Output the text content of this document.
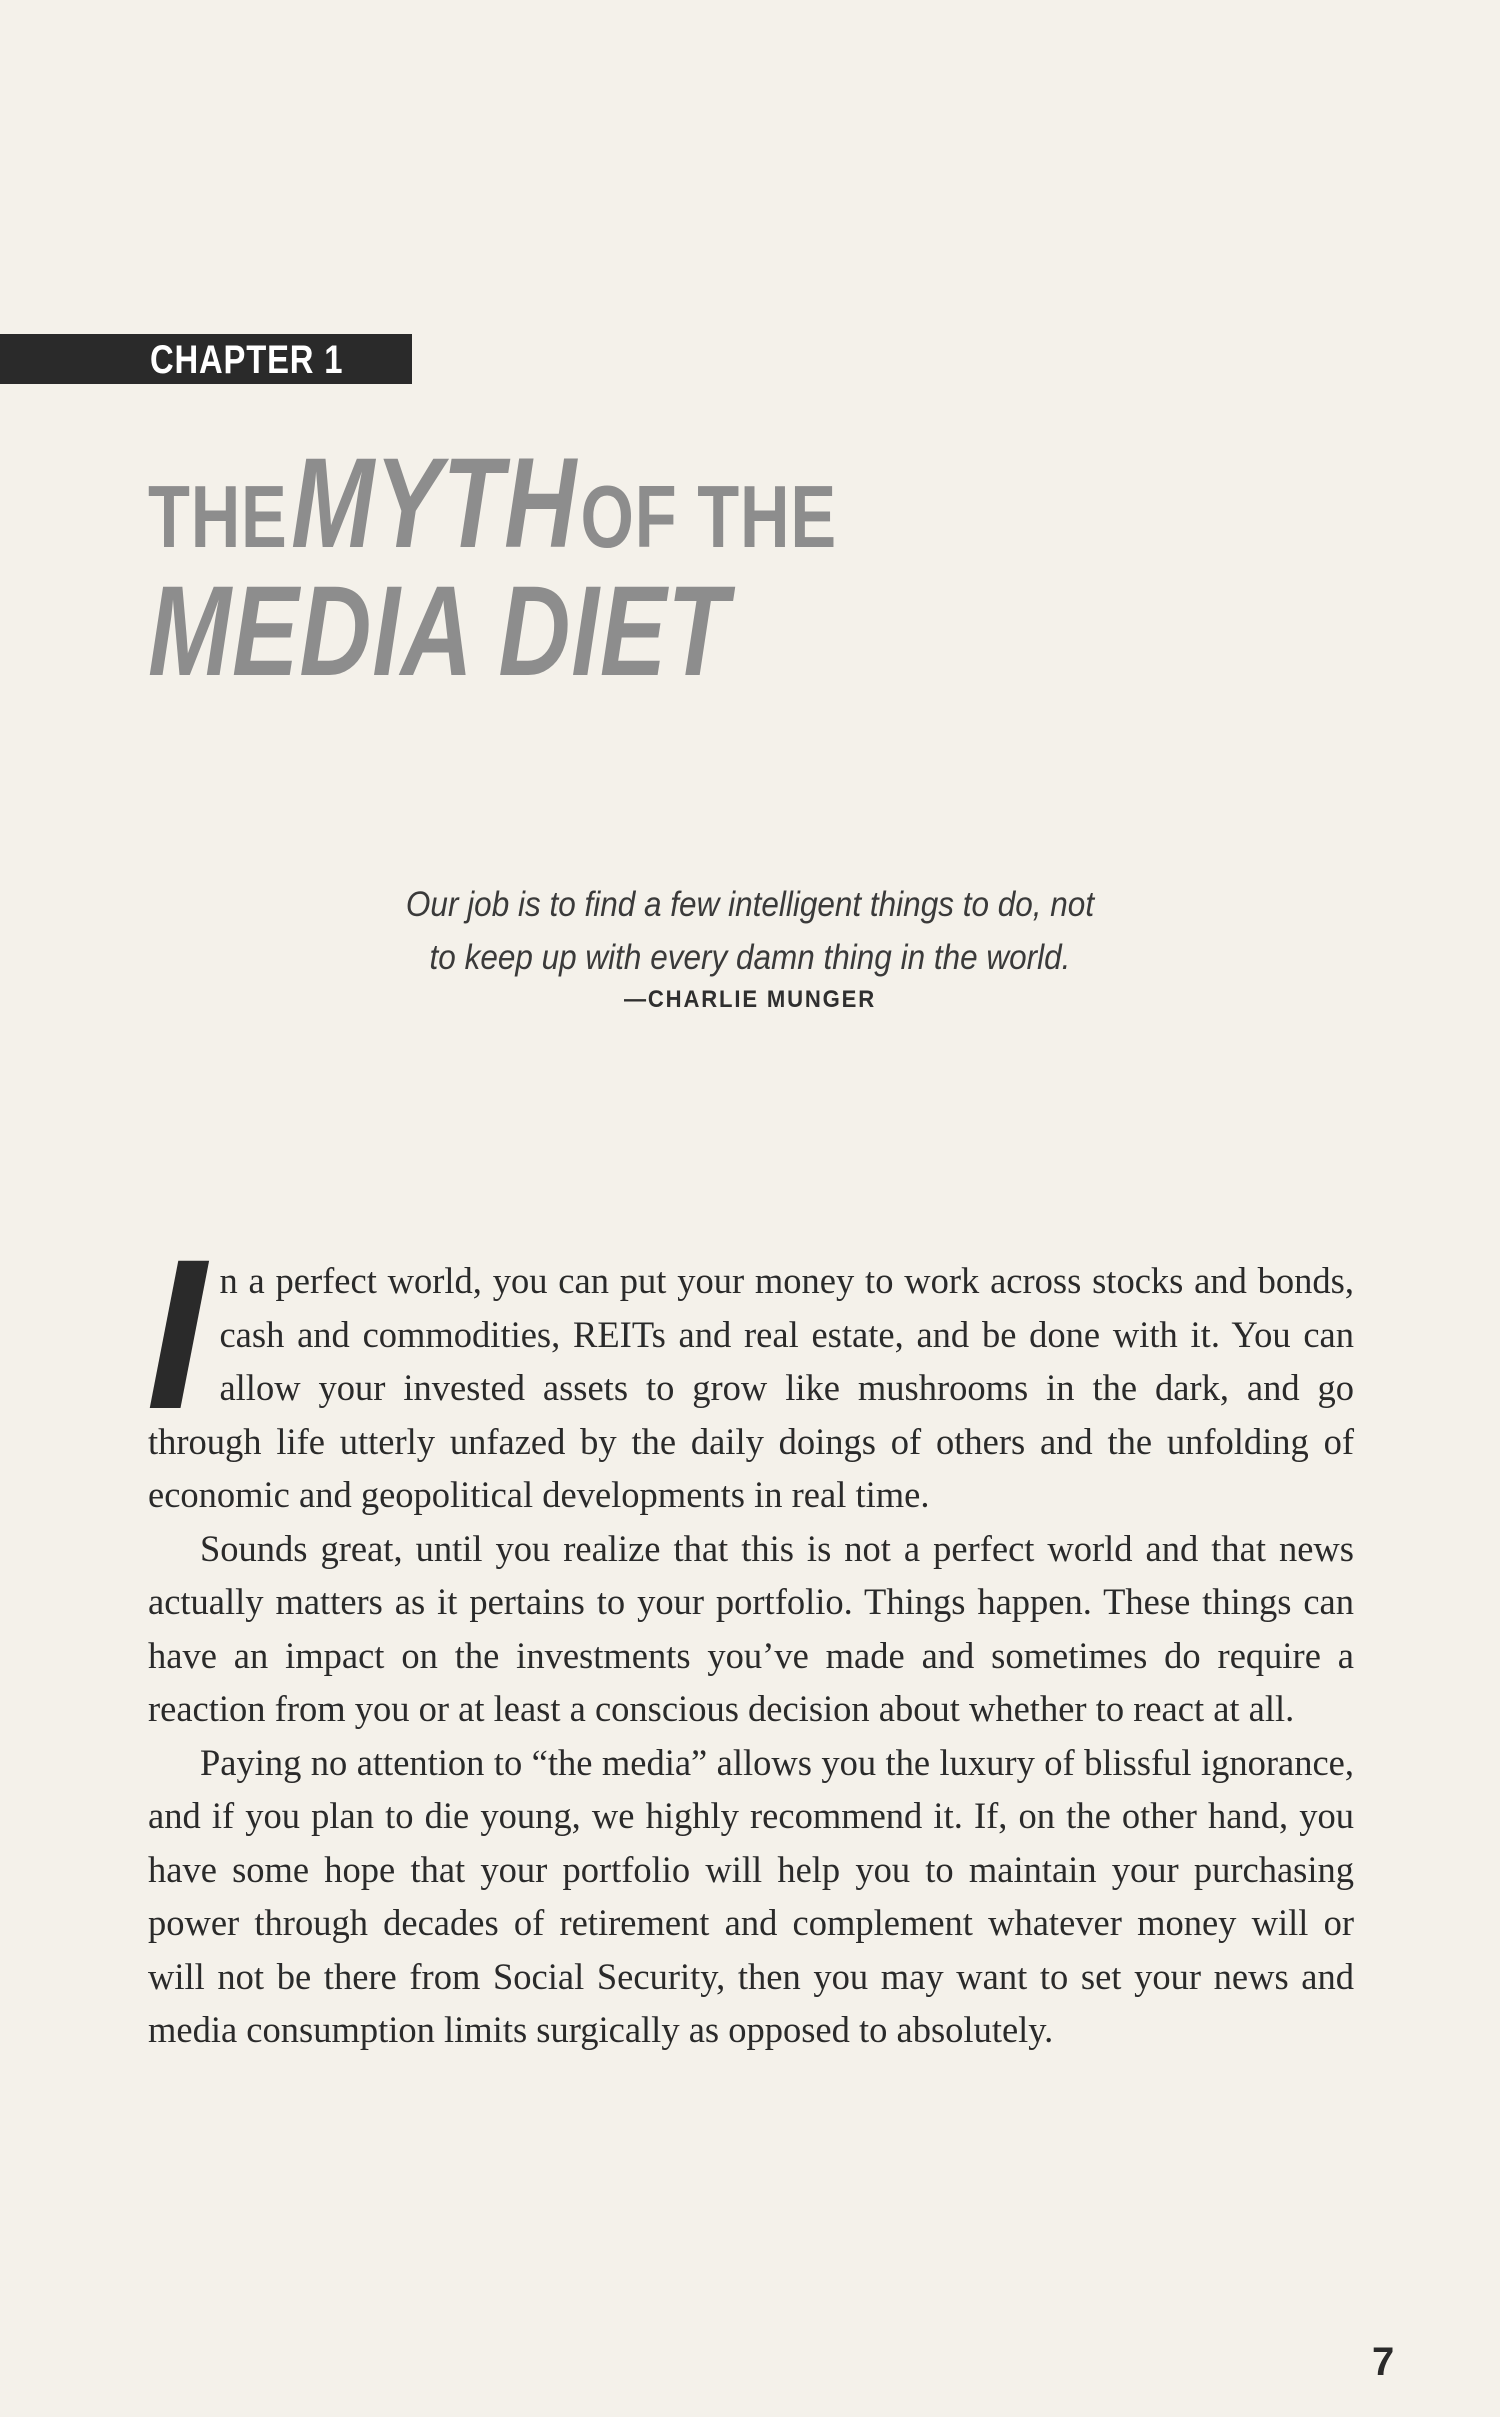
CHAPTER 1
THE MYTH OF THE
MEDIA DIET
Our job is to find a few intelligent things to do, not
to keep up with every damn thing in the world.
—CHARLIE MUNGER

In a perfect world, you can put your money to work across stocks and bonds, cash and commodities, REITs and real estate, and be done with it. You can allow your invested assets to grow like mushrooms in the dark, and go through life utterly unfazed by the daily doings of others and the unfolding of economic and geopolitical developments in real time.

Sounds great, until you realize that this is not a perfect world and that news actually matters as it pertains to your portfolio. Things happen. These things can have an impact on the investments you’ve made and sometimes do require a reaction from you or at least a conscious decision about whether to react at all.

Paying no attention to “the media” allows you the luxury of blissful ignorance, and if you plan to die young, we highly recommend it. If, on the other hand, you have some hope that your portfolio will help you to maintain your purchasing power through decades of retirement and complement whatever money will or will not be there from Social Security, then you may want to set your news and media consumption limits surgically as opposed to absolutely.

7
